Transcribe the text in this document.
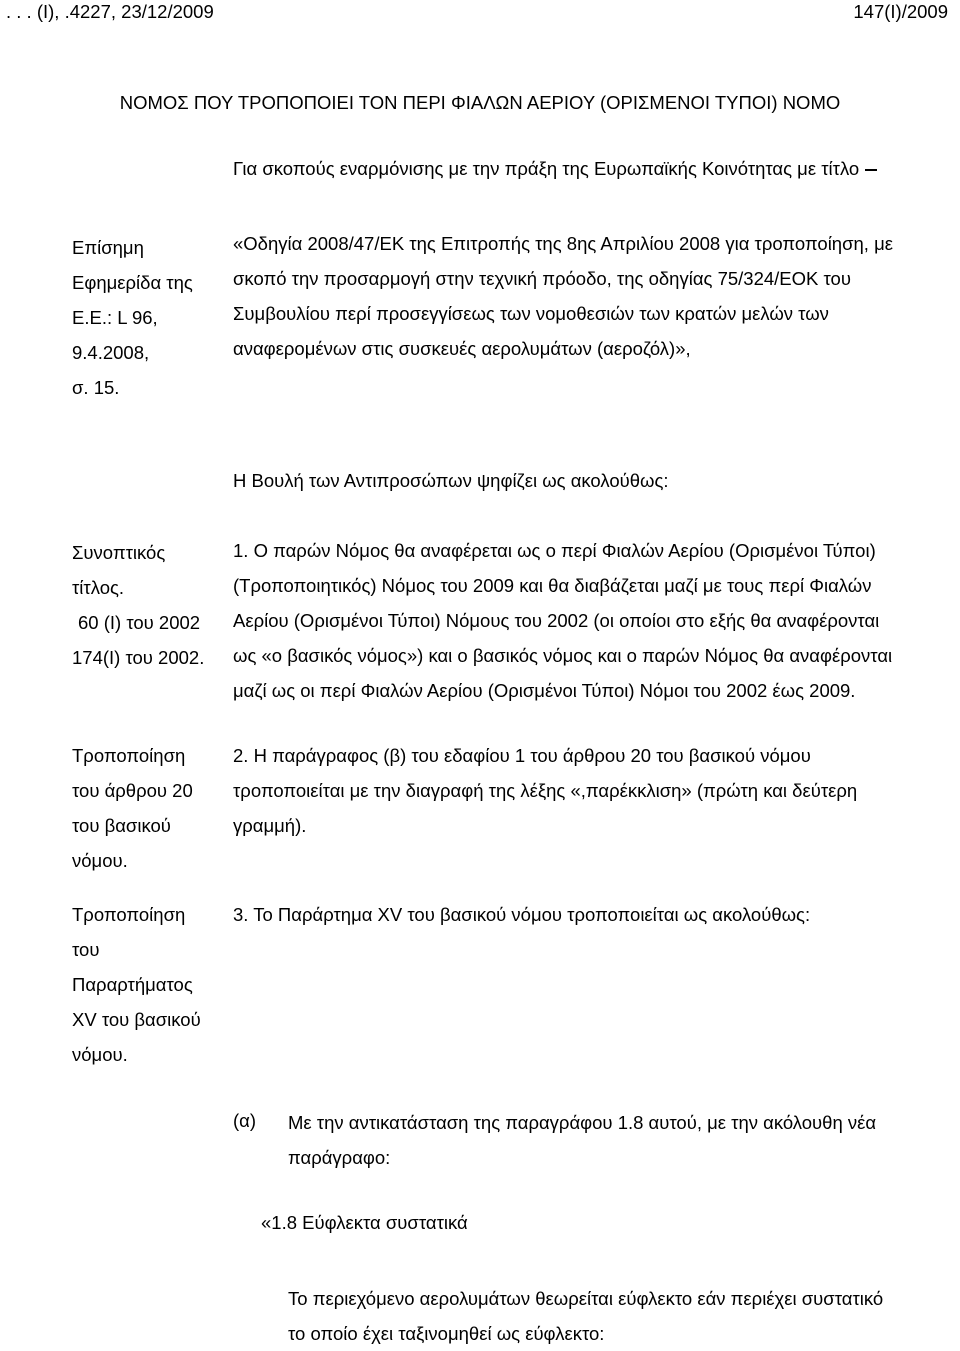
. . . (I), .4227, 23/12/2009	147(I)/2009
ΝΟΜΟΣ ΠΟΥ ΤΡΟΠΟΠΟΙΕΙ ΤΟΝ ΠΕΡΙ ΦΙΑΛΩΝ ΑΕΡΙΟΥ (ΟΡΙΣΜΕΝΟΙ ΤΥΠΟΙ) ΝΟΜΟ
Για σκοπούς εναρμόνισης με την πράξη της Ευρωπαϊκής Κοινότητας με τίτλο
Επίσημη
Εφημερίδα της
Ε.Ε.: L 96,
9.4.2008,
σ. 15.
«Οδηγία 2008/47/ΕΚ της Επιτροπής της 8ης Απριλίου 2008 για τροποποίηση, με
σκοπό την προσαρμογή στην τεχνική πρόοδο, της οδηγίας 75/324/ΕΟΚ του
Συμβουλίου περί προσεγγίσεως των νομοθεσιών των κρατών μελών των
αναφερομένων στις συσκευές αερολυμάτων (αεροζόλ)»,
Η Βουλή των Αντιπροσώπων ψηφίζει ως ακολούθως:
Συνοπτικός
τίτλος.
60 (Ι) του 2002
174(Ι) του 2002.
1. Ο παρών Νόμος θα αναφέρεται ως ο περί Φιαλών Αερίου (Ορισμένοι Τύποι)
(Τροποποιητικός) Νόμος του 2009 και θα διαβάζεται μαζί με τους περί Φιαλών
Αερίου (Ορισμένοι Τύποι) Νόμους του 2002 (οι οποίοι στο εξής θα αναφέρονται
ως «ο βασικός νόμος») και ο βασικός νόμος και ο παρών Νόμος θα αναφέρονται
μαζί ως οι περί Φιαλών Αερίου (Ορισμένοι Τύποι) Νόμοι του 2002 έως 2009.
Τροποποίηση
του άρθρου 20
του βασικού
νόμου.
2. Η παράγραφος (β) του εδαφίου 1 του άρθρου 20 του βασικού νόμου
τροποποιείται με την διαγραφή της λέξης «,παρέκκλιση» (πρώτη και δεύτερη
γραμμή).
Τροποποίηση
του
Παραρτήματος
XV του βασικού
νόμου.
3. Το Παράρτημα XV του βασικού νόμου τροποποιείται ως ακολούθως:
(α) Με την αντικατάσταση της παραγράφου 1.8 αυτού, με την ακόλουθη νέα
παράγραφο:
«1.8 Εύφλεκτα συστατικά
Το περιεχόμενο αερολυμάτων θεωρείται εύφλεκτο εάν περιέχει συστατικό
το οποίο έχει ταξινομηθεί ως εύφλεκτο:
